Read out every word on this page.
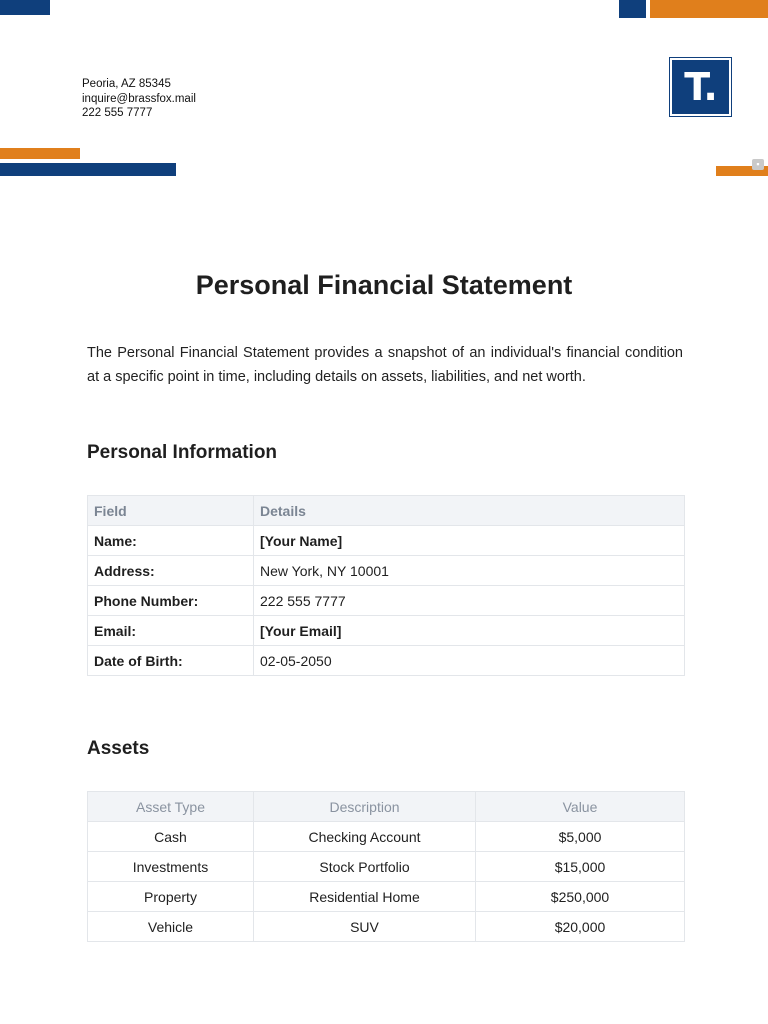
Peoria, AZ 85345
inquire@brassfox.mail
222 555 7777
T.
▪
Personal Financial Statement

The Personal Financial Statement provides a snapshot of an individual's financial condition at a specific point in time, including details on assets, liabilities, and net worth.

Personal Information
Field	Details
Name:	[Your Name]
Address:	New York, NY 10001
Phone Number:	222 555 7777
Email:	[Your Email]
Date of Birth:	02-05-2050
Assets
Asset Type	Description	Value
Cash	Checking Account	$5,000
Investments	Stock Portfolio	$15,000
Property	Residential Home	$250,000
Vehicle	SUV	$20,000
